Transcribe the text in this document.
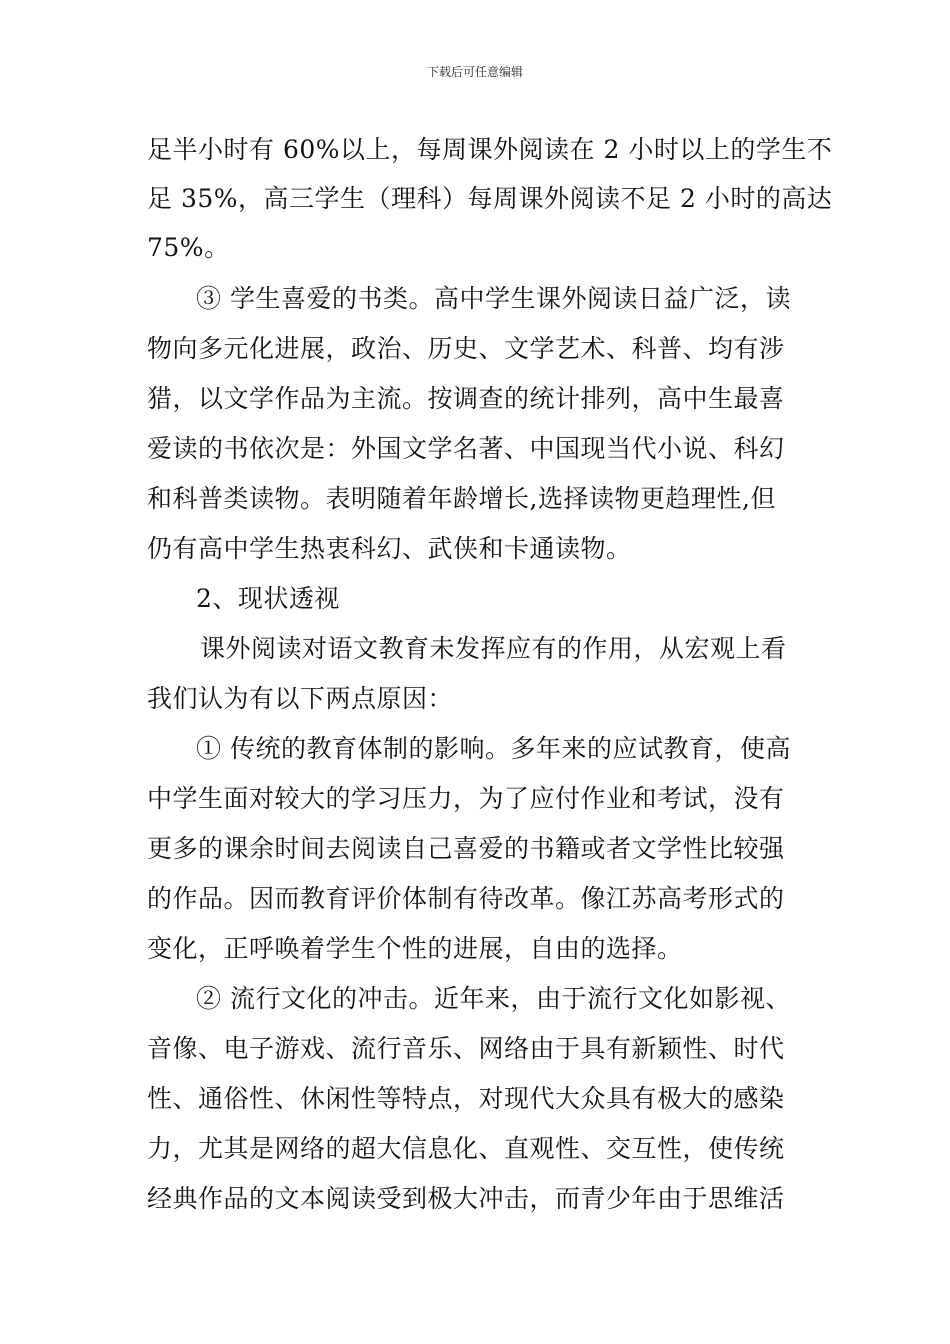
下载后可任意编辑
足半小时有 60%以上，每周课外阅读在 2 小时以上的学生不
足 35%，高三学生（理科）每周课外阅读不足 2 小时的高达
75%。
③ 学生喜爱的书类。高中学生课外阅读日益广泛，读
物向多元化进展，政治、历史、文学艺术、科普、均有涉
猎，以文学作品为主流。按调查的统计排列，高中生最喜
爱读的书依次是：外国文学名著、中国现当代小说、科幻
和科普类读物。表明随着年龄增长,选择读物更趋理性,但
仍有高中学生热衷科幻、武侠和卡通读物。
2、现状透视
课外阅读对语文教育未发挥应有的作用，从宏观上看
我们认为有以下两点原因：
① 传统的教育体制的影响。多年来的应试教育，使高
中学生面对较大的学习压力，为了应付作业和考试，没有
更多的课余时间去阅读自己喜爱的书籍或者文学性比较强
的作品。因而教育评价体制有待改革。像江苏高考形式的
变化，正呼唤着学生个性的进展，自由的选择。
② 流行文化的冲击。近年来，由于流行文化如影视、
音像、电子游戏、流行音乐、网络由于具有新颖性、时代
性、通俗性、休闲性等特点，对现代大众具有极大的感染
力，尤其是网络的超大信息化、直观性、交互性，使传统
经典作品的文本阅读受到极大冲击，而青少年由于思维活
